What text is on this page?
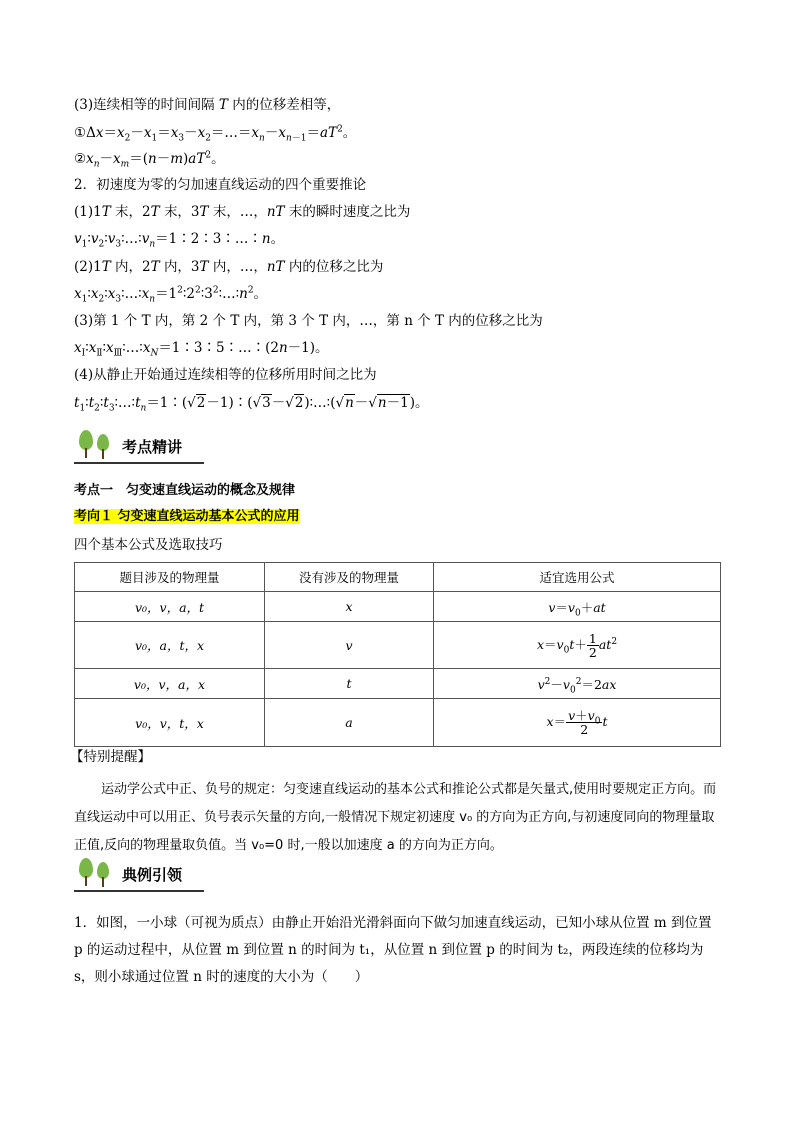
(3)连续相等的时间间隔 T 内的位移差相等，
$①\Delta x=x_2-x_1=x_3-x_2=\dots=x_n-x_{n-1}=aT^2$。
$②x_n-x_m=(n-m)aT^2$。
2．初速度为零的匀加速直线运动的四个重要推论
(1)1T 末，2T 末，3T 末，…，nT 末的瞬时速度之比为
$v_1∶v_2∶v_3∶\dots∶v_n=1∶2∶3∶\dots∶n$。
(2)1T 内，2T 内，3T 内，…，nT 内的位移之比为
$x_1∶x_2∶x_3∶\dots∶x_n=1^2∶2^2∶3^2∶\dots∶n^2$。
(3)第 1 个 T 内，第 2 个 T 内，第 3 个 T 内，…，第 n 个 T 内的位移之比为
$x_Ⅰ∶x_Ⅱ∶x_Ⅲ∶\dots∶x_N=1∶3∶5∶\dots∶(2n-1)$。
(4)从静止开始通过连续相等的位移所用时间之比为
$t_1∶t_2∶t_3∶\dots∶t_n=1∶(√2-1)∶(√3-√2)∶\dots∶(√n-√n-1)$。
考点精讲
考点一　匀变速直线运动的概念及规律
考向１ 匀变速直线运动基本公式的应用
四个基本公式及选取技巧
题目涉及的物理量	没有涉及的物理量	适宜选用公式
v₀，v，a，t	x	$v=v_0+at$
v₀，a，t，x	v	$x=v_0t+ \frac{1}{2} at^2$
v₀，v，a，x	t	$v^2-v_0^2=2ax$
v₀，v，t，x	a	$x= \frac{v+v_0}{2}$ t
【特别提醒】
运动学公式中正、负号的规定：匀变速直线运动的基本公式和推论公式都是矢量式,使用时要规定正方向。而直线运动中可以用正、负号表示矢量的方向,一般情况下规定初速度 v₀ 的方向为正方向,与初速度同向的物理量取正值,反向的物理量取负值。当 v₀=0 时,一般以加速度 a 的方向为正方向。
典例引领
1．如图，一小球（可视为质点）由静止开始沿光滑斜面向下做匀加速直线运动，已知小球从位置 m 到位置 p 的运动过程中，从位置 m 到位置 n 的时间为 t₁，从位置 n 到位置 p 的时间为 t₂，两段连续的位移均为 s，则小球通过位置 n 时的速度的大小为（　　）
